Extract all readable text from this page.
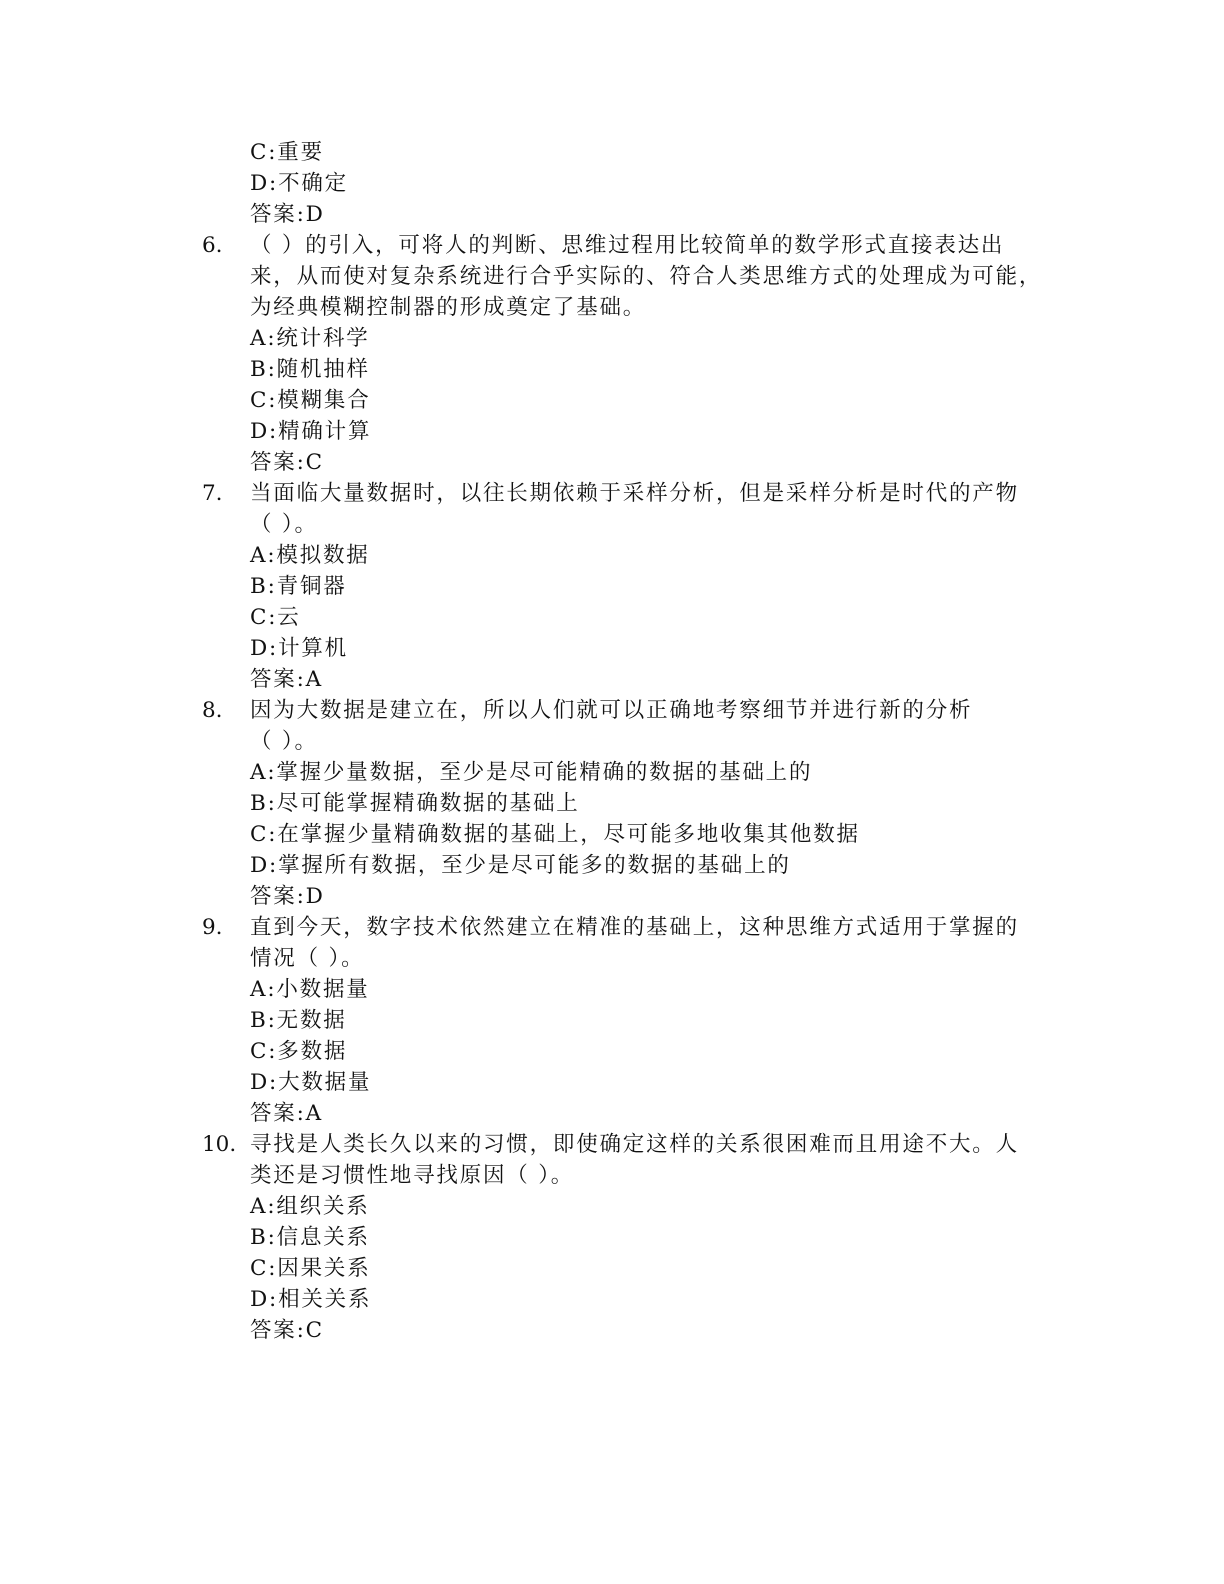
C:重要
D:不确定
答案:D
6.	（ ）的引入，可将人的判断、思维过程用比较简单的数学形式直接表达出
来，从而使对复杂系统进行合乎实际的、符合人类思维方式的处理成为可能，
为经典模糊控制器的形成奠定了基础。
A:统计科学
B:随机抽样
C:模糊集合
D:精确计算
答案:C
7.	当面临大量数据时，以往长期依赖于采样分析，但是采样分析是时代的产物
（ ）。
A:模拟数据
B:青铜器
C:云
D:计算机
答案:A
8.	因为大数据是建立在，所以人们就可以正确地考察细节并进行新的分析
（ ）。
A:掌握少量数据，至少是尽可能精确的数据的基础上的
B:尽可能掌握精确数据的基础上
C:在掌握少量精确数据的基础上，尽可能多地收集其他数据
D:掌握所有数据，至少是尽可能多的数据的基础上的
答案:D
9.	直到今天，数字技术依然建立在精准的基础上，这种思维方式适用于掌握的
情况（ ）。
A:小数据量
B:无数据
C:多数据
D:大数据量
答案:A
10. 寻找是人类长久以来的习惯，即使确定这样的关系很困难而且用途不大。人
类还是习惯性地寻找原因（ ）。
A:组织关系
B:信息关系
C:因果关系
D:相关关系
答案:C
